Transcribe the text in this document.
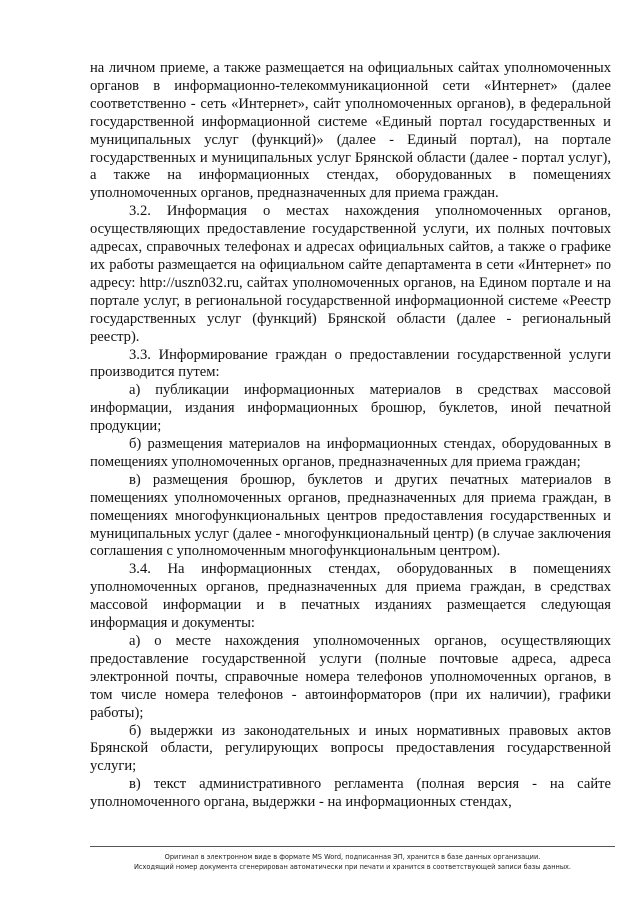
на личном приеме, а также размещается на официальных сайтах уполномоченных органов в информационно-телекоммуникационной сети «Интернет» (далее соответственно - сеть «Интернет», сайт уполномоченных органов), в федеральной государственной информационной системе «Единый портал государственных и муниципальных услуг (функций)» (далее - Единый портал), на портале государственных и муниципальных услуг Брянской области (далее - портал услуг), а также на информационных стендах, оборудованных в помещениях уполномоченных органов, предназначенных для приема граждан.

3.2. Информация о местах нахождения уполномоченных органов, осуществляющих предоставление государственной услуги, их полных почтовых адресах, справочных телефонах и адресах официальных сайтов, а также о графике их работы размещается на официальном сайте департамента в сети «Интернет» по адресу: http://uszn032.ru, сайтах уполномоченных органов, на Едином портале и на портале услуг, в региональной государственной информационной системе «Реестр государственных услуг (функций) Брянской области (далее - региональный реестр).

3.3. Информирование граждан о предоставлении государственной услуги производится путем:

а) публикации информационных материалов в средствах массовой информации, издания информационных брошюр, буклетов, иной печатной продукции;

б) размещения материалов на информационных стендах, оборудованных в помещениях уполномоченных органов, предназначенных для приема граждан;

в) размещения брошюр, буклетов и других печатных материалов в помещениях уполномоченных органов, предназначенных для приема граждан, в помещениях многофункциональных центров предоставления государственных и муниципальных услуг (далее - многофункциональный центр) (в случае заключения соглашения с уполномоченным многофункциональным центром).

3.4. На информационных стендах, оборудованных в помещениях уполномоченных органов, предназначенных для приема граждан, в средствах массовой информации и в печатных изданиях размещается следующая информация и документы:

а) о месте нахождения уполномоченных органов, осуществляющих предоставление государственной услуги (полные почтовые адреса, адреса электронной почты, справочные номера телефонов уполномоченных органов, в том числе номера телефонов - автоинформаторов (при их наличии), графики работы);

б) выдержки из законодательных и иных нормативных правовых актов Брянской области, регулирующих вопросы предоставления государственной услуги;

в) текст административного регламента (полная версия - на сайте уполномоченного органа, выдержки - на информационных стендах,

Оригинал в электронном виде в формате MS Word, подписанная ЭП, хранится в базе данных организации.
Исходящий номер документа сгенерирован автоматически при печати и хранится в соответствующей записи базы данных.
